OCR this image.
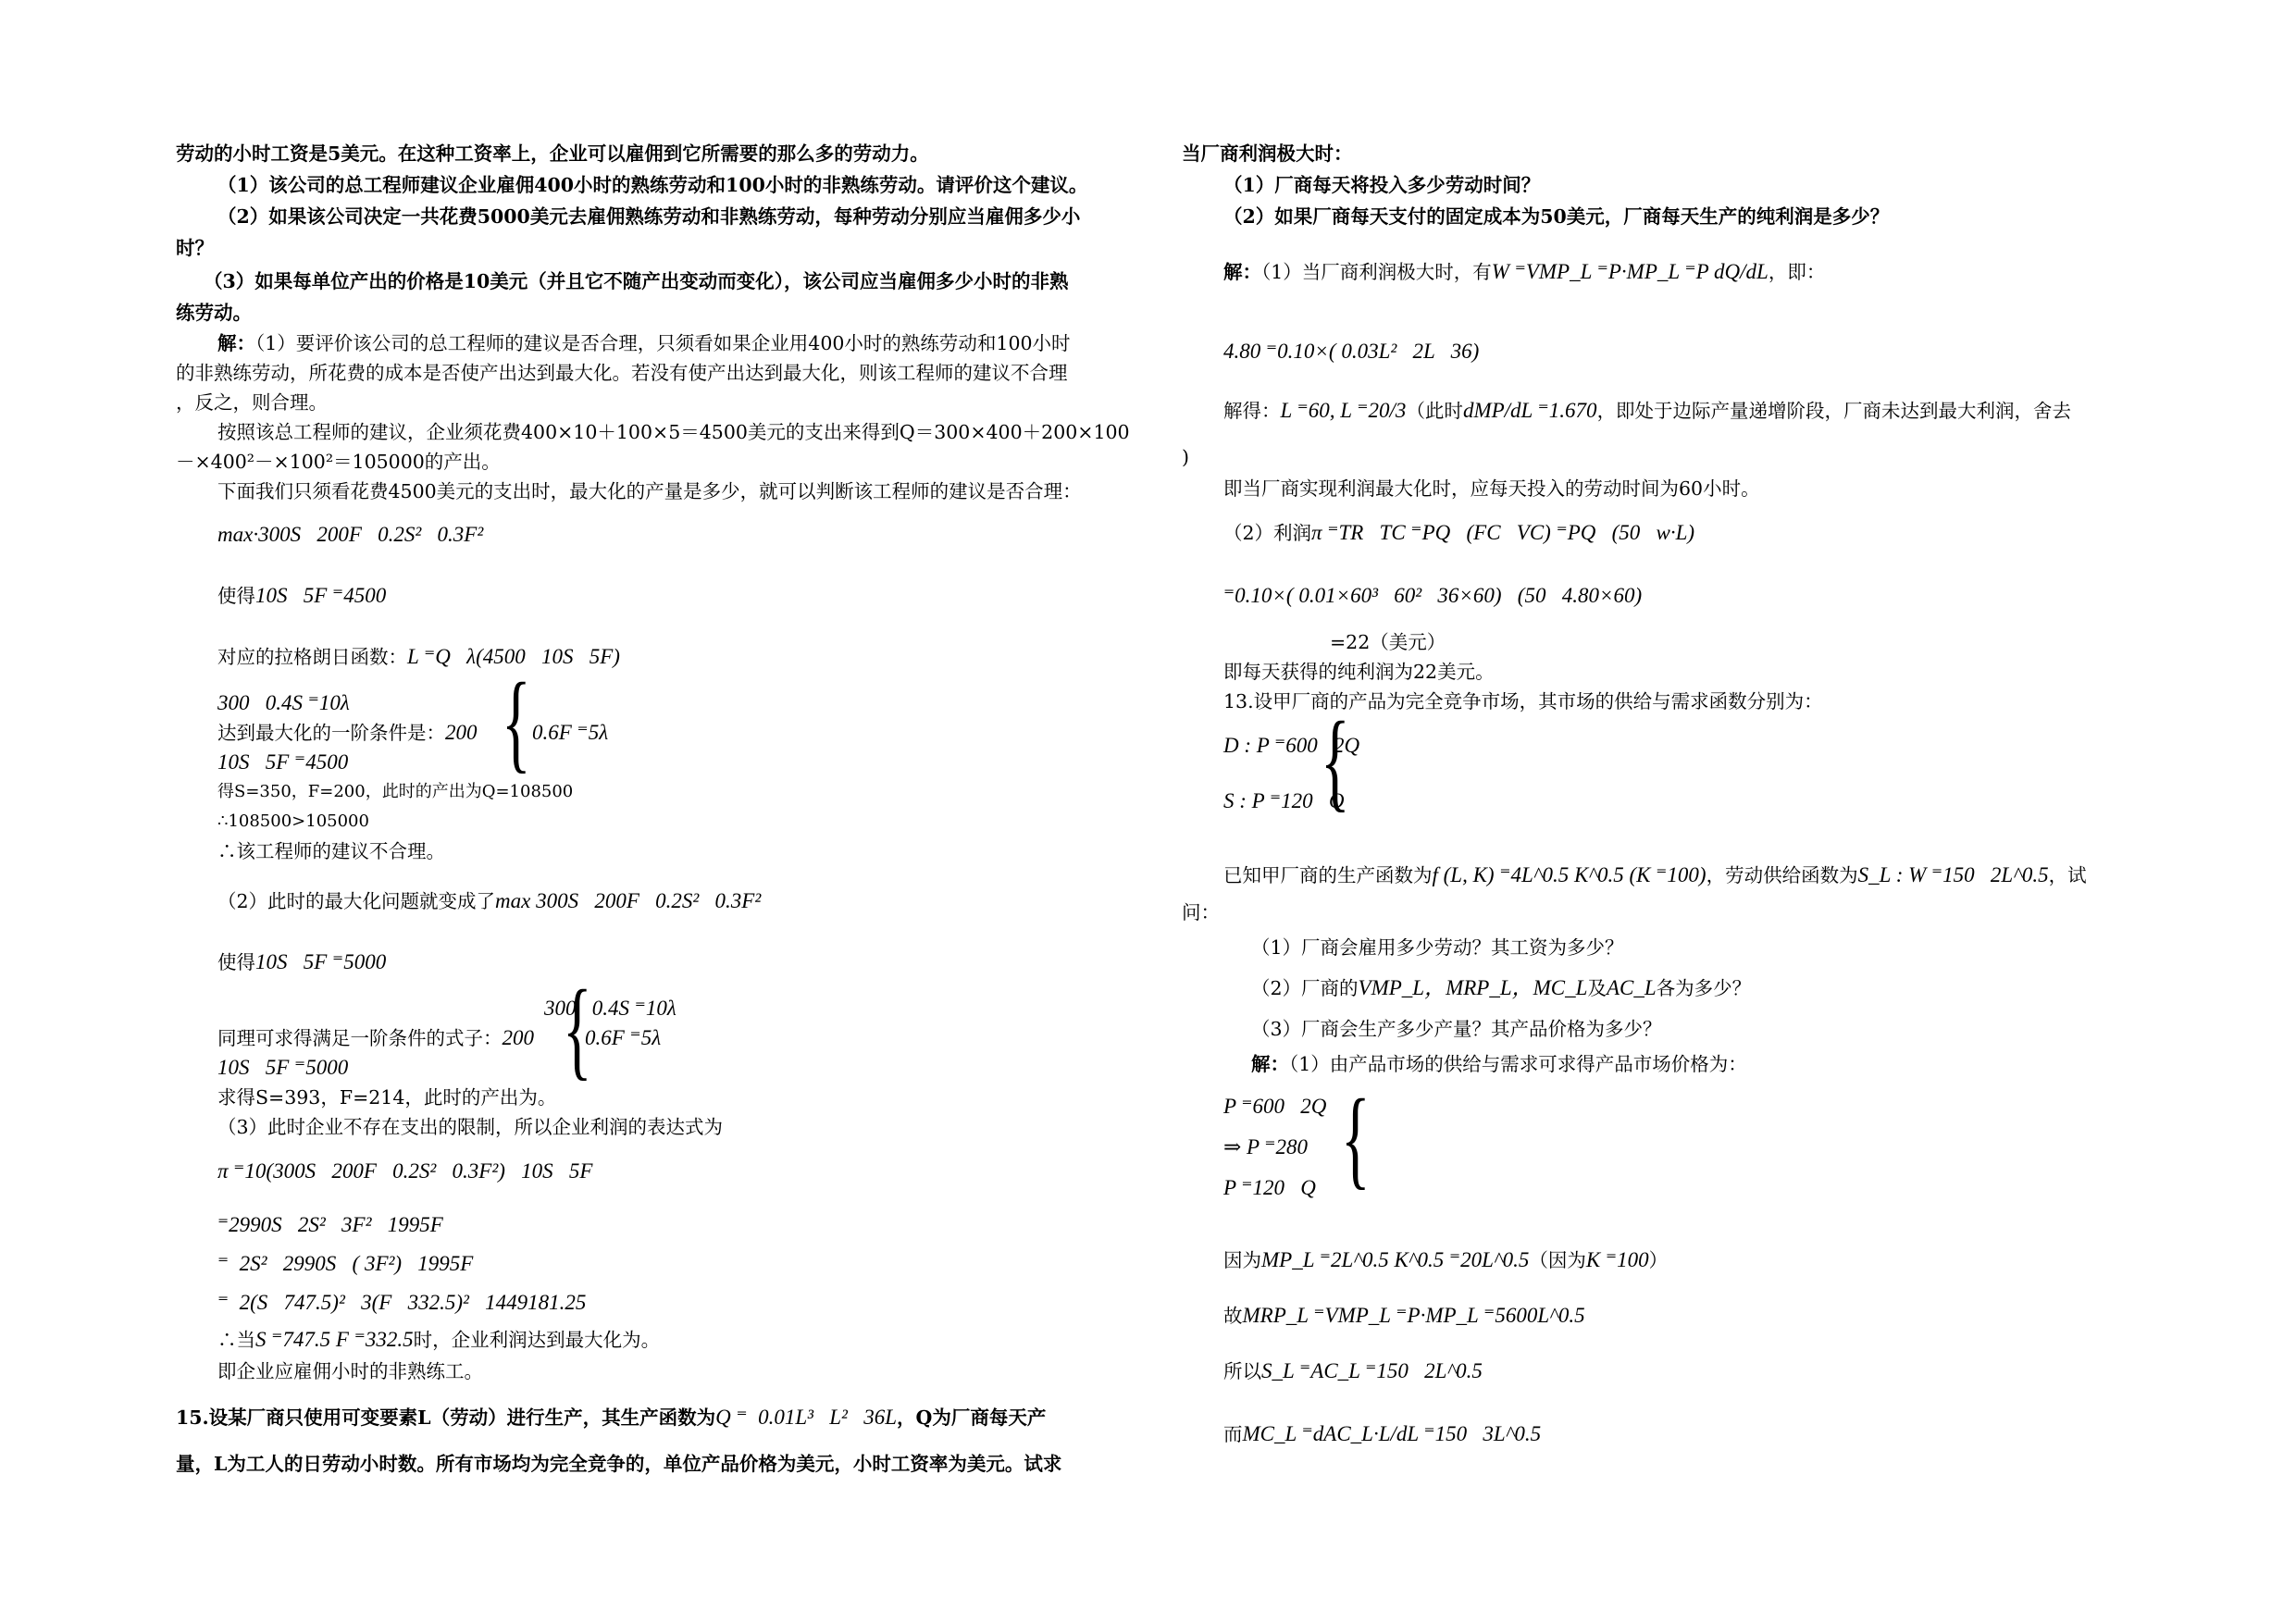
劳动的小时工资是5美元。在这种工资率上，企业可以雇佣到它所需要的那么多的劳动力。
（1）该公司的总工程师建议企业雇佣400小时的熟练劳动和100小时的非熟练劳动。请评价这个建议。
（2）如果该公司决定一共花费5000美元去雇佣熟练劳动和非熟练劳动，每种劳动分别应当雇佣多少小
时？
（3）如果每单位产出的价格是10美元（并且它不随产出变动而变化），该公司应当雇佣多少小时的非熟
练劳动。
解：（1）要评价该公司的总工程师的建议是否合理，只须看如果企业用400小时的熟练劳动和100小时
的非熟练劳动，所花费的成本是否使产出达到最大化。若没有使产出达到最大化，则该工程师的建议不合理
，反之，则合理。
按照该总工程师的建议，企业须花费400×10＋100×5＝4500美元的支出来得到Q＝300×400＋200×100
－×400²－×100²＝105000的产出。
下面我们只须看花费4500美元的支出时，最大化的产量是多少，就可以判断该工程师的建议是否合理：
max·300S   200F   0.2S²   0.3F²
使得10S   5F ⁼4500
对应的拉格朗日函数：L ⁼Q   λ(4500   10S   5F)
300   0.4S ⁼10λ
达到最大化的一阶条件是：200 { 0.6F ⁼5λ
10S   5F ⁼4500
得S=350，F=200，此时的产出为Q=108500
∴108500>105000
∴该工程师的建议不合理。
（2）此时的最大化问题就变成了max 300S   200F   0.2S²   0.3F²
使得10S   5F ⁼5000
300   0.4S ⁼10λ
同理可求得满足一阶条件的式子：200 {
0.6F ⁼5λ
10S   5F ⁼5000
求得S=393，F=214，此时的产出为。
（3）此时企业不存在支出的限制，所以企业利润的表达式为
π ⁼10(300S   200F   0.2S²   0.3F²)   10S   5F
⁼2990S   2S²   3F²   1995F
⁼  2S²   2990S   ( 3F²)   1995F
⁼  2(S   747.5)²   3(F   332.5)²   1449181.25
∴当S ⁼747.5 F ⁼332.5时，企业利润达到最大化为。
即企业应雇佣小时的非熟练工。
15.设某厂商只使用可变要素L（劳动）进行生产，其生产函数为Q ⁼  0.01L³   L²   36L，Q为厂商每天产
量，L为工人的日劳动小时数。所有市场均为完全竞争的，单位产品价格为美元，小时工资率为美元。试求
当厂商利润极大时：
（1）厂商每天将投入多少劳动时间？
（2）如果厂商每天支付的固定成本为50美元，厂商每天生产的纯利润是多少？
解：（1）当厂商利润极大时，有W ⁼VMP_L ⁼P·MP_L ⁼P dQ/dL，即：
4.80 ⁼0.10×( 0.03L²   2L   36)
解得：L ⁼60, L ⁼20/3（此时dMP/dL ⁼1.670，即处于边际产量递增阶段，厂商未达到最大利润，舍去
)
即当厂商实现利润最大化时，应每天投入的劳动时间为60小时。
（2）利润π ⁼TR   TC ⁼PQ   (FC   VC) ⁼PQ   (50   w·L)
⁼0.10×( 0.01×60³   60²   36×60)   (50   4.80×60)
=22（美元）
即每天获得的纯利润为22美元。
13.设甲厂商的产品为完全竞争市场，其市场的供给与需求函数分别为：
{
D : P ⁼600   2Q
S : P ⁼120   Q
已知甲厂商的生产函数为f (L, K) ⁼4L^0.5 K^0.5 (K ⁼100)，劳动供给函数为S_L : W ⁼150   2L^0.5，试
问：
（1）厂商会雇用多少劳动？其工资为多少？
（2）厂商的VMP_L，MRP_L，MC_L及AC_L各为多少？
（3）厂商会生产多少产量？其产品价格为多少？
解：（1）由产品市场的供给与需求可求得产品市场价格为：
P ⁼600   2Q {
⇒ P ⁼280
P ⁼120   Q
因为MP_L ⁼2L^0.5 K^0.5 ⁼20L^0.5（因为K ⁼100）
故MRP_L ⁼VMP_L ⁼P·MP_L ⁼5600L^0.5
所以S_L ⁼AC_L ⁼150   2L^0.5
而MC_L ⁼dAC_L·L/dL ⁼150   3L^0.5
